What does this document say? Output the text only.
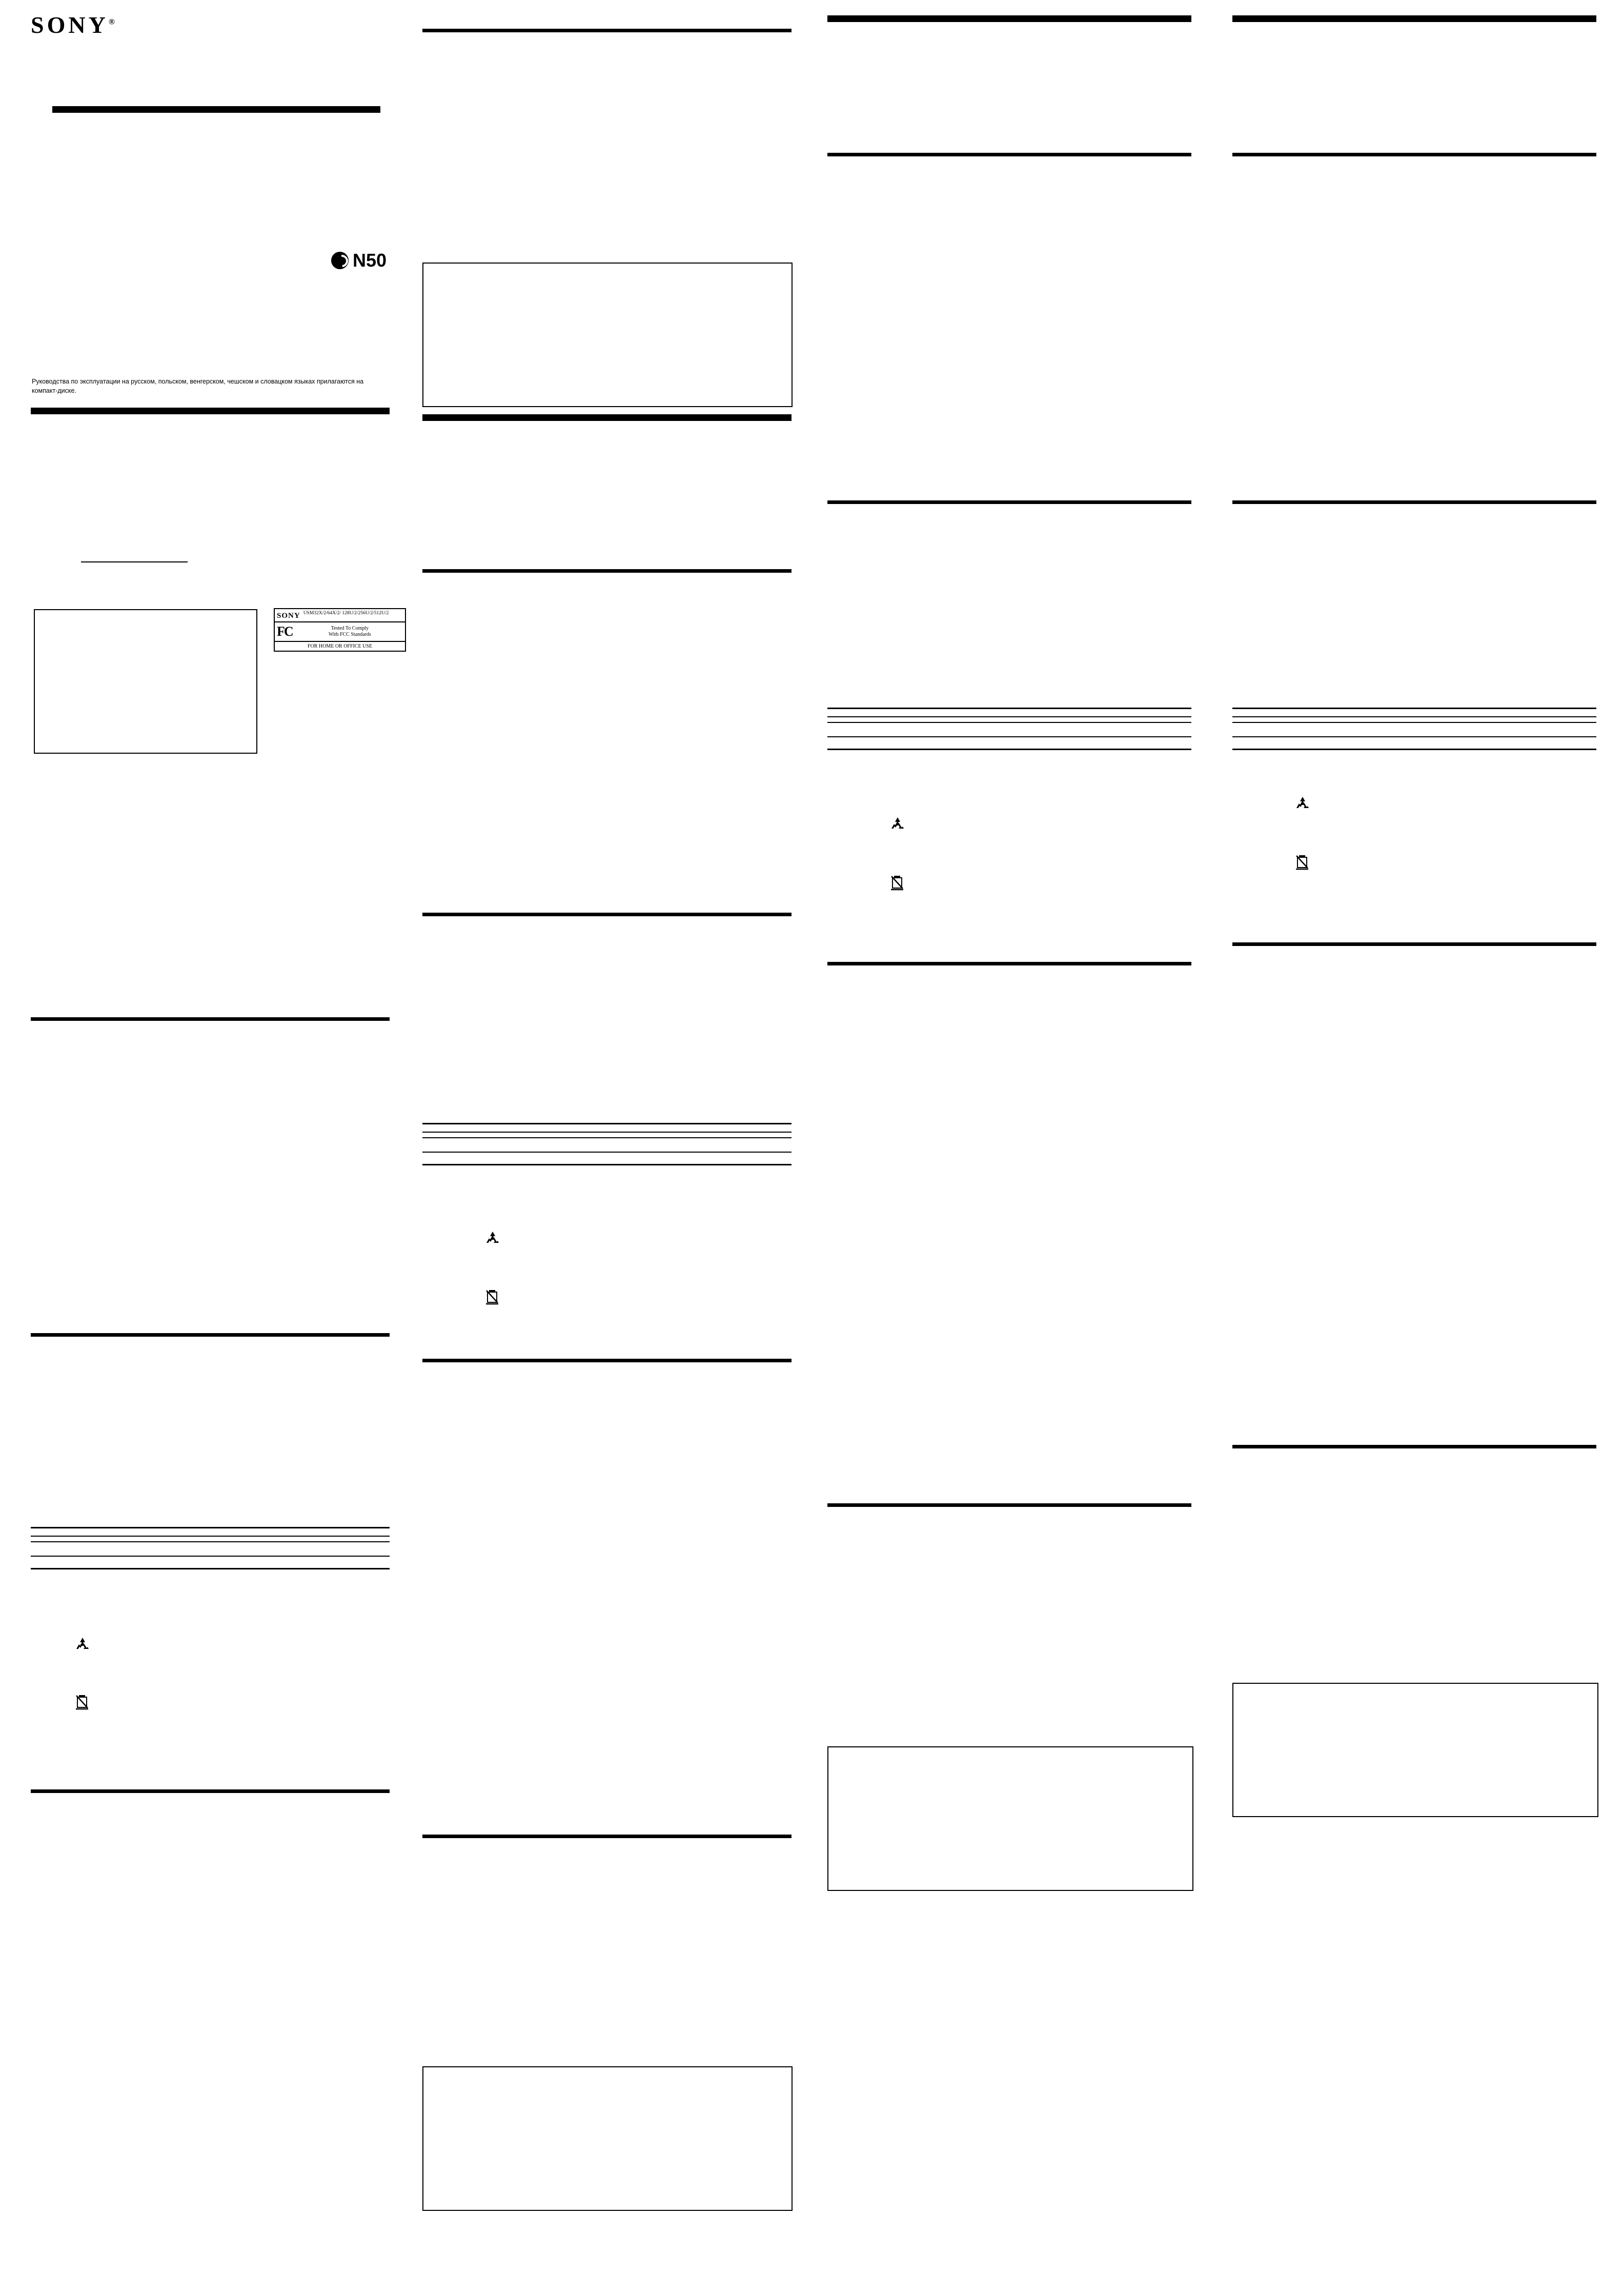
SONY®
N50
Руководства по эксплуатации на русском, польском, венгерском, чешском и словацком языках прилагаются на компакт-диске.
SONY USM32X/2/64X/2/ 128U/2/256U/2/512U/2
FC	Tested To Comply
With FCC Standards
FOR HOME OR OFFICE USE
